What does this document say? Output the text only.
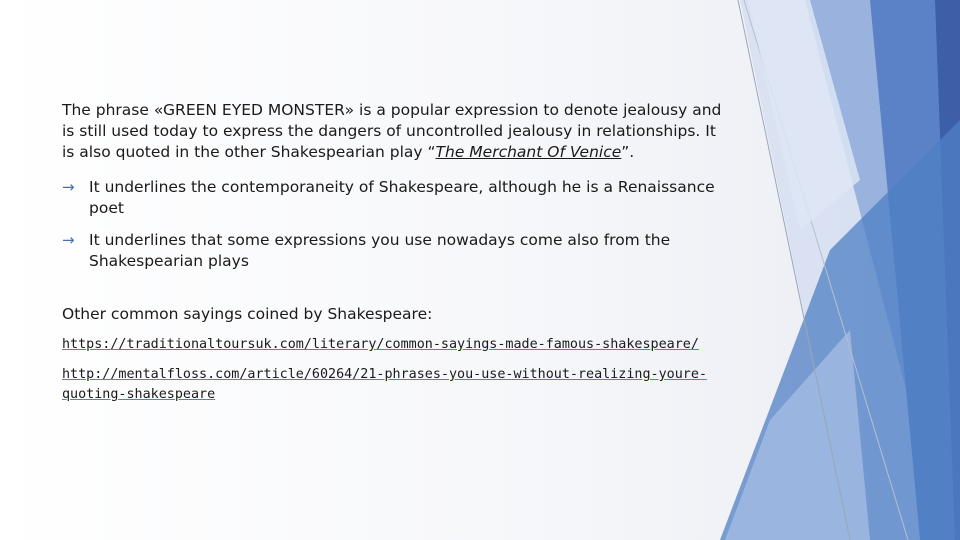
The phrase «GREEN EYED MONSTER» is a popular expression to denote jealousy and is still used today to express the dangers of uncontrolled jealousy in relationships. It is also quoted in the other Shakespearian play “The Merchant Of Venice”.

→ It underlines the contemporaneity of Shakespeare, although he is a Renaissance poet
→ It underlines that some expressions you use nowadays come also from the Shakespearian plays

Other common sayings coined by Shakespeare:

https://traditionaltoursuk.com/literary/common-sayings-made-famous-shakespeare/
http://mentalfloss.com/article/60264/21-phrases-you-use-without-realizing-youre-quoting-shakespeare
